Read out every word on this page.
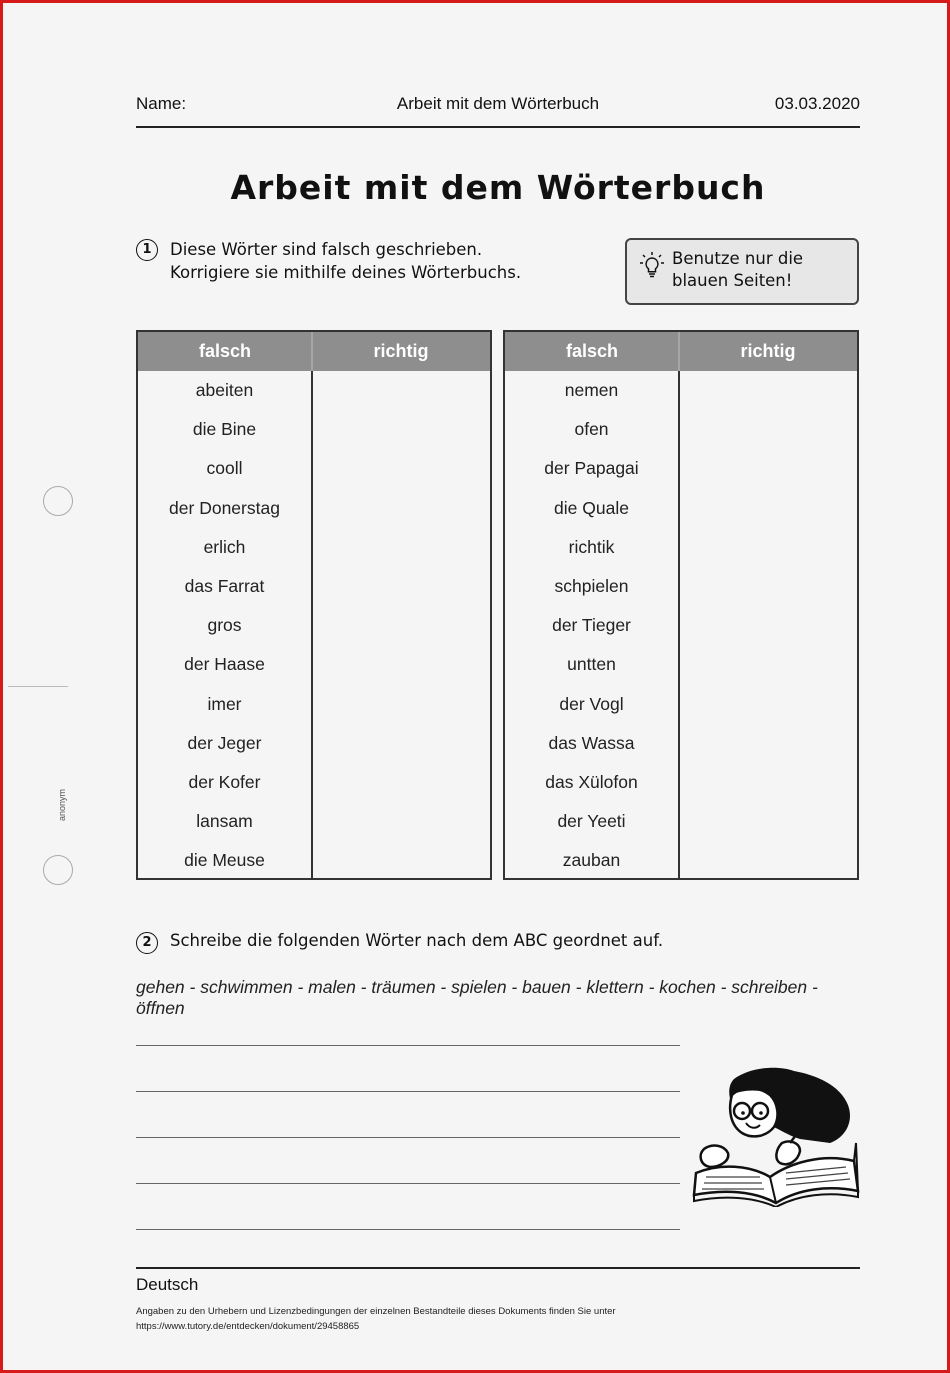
Name:	Arbeit mit dem Wörterbuch	03.03.2020
Arbeit mit dem Wörterbuch
1	Diese Wörter sind falsch geschrieben.
Korrigiere sie mithilfe deines Wörterbuchs.
Benutze nur die
blauen Seiten!
falsch	richtig
abeiten
die Bine
cooll
der Donerstag
erlich
das Farrat
gros
der Haase
imer
der Jeger
der Kofer
lansam
die Meuse
falsch	richtig
nemen
ofen
der Papagai
die Quale
richtik
schpielen
der Tieger
untten
der Vogl
das Wassa
das Xülofon
der Yeeti
zauban
2	Schreibe die folgenden Wörter nach dem ABC geordnet auf.
gehen - schwimmen - malen - träumen - spielen - bauen - klettern - kochen - schreiben - öffnen
Deutsch
Angaben zu den Urhebern und Lizenzbedingungen der einzelnen Bestandteile dieses Dokuments finden Sie unter
https://www.tutory.de/entdecken/dokument/29458865
anonym
